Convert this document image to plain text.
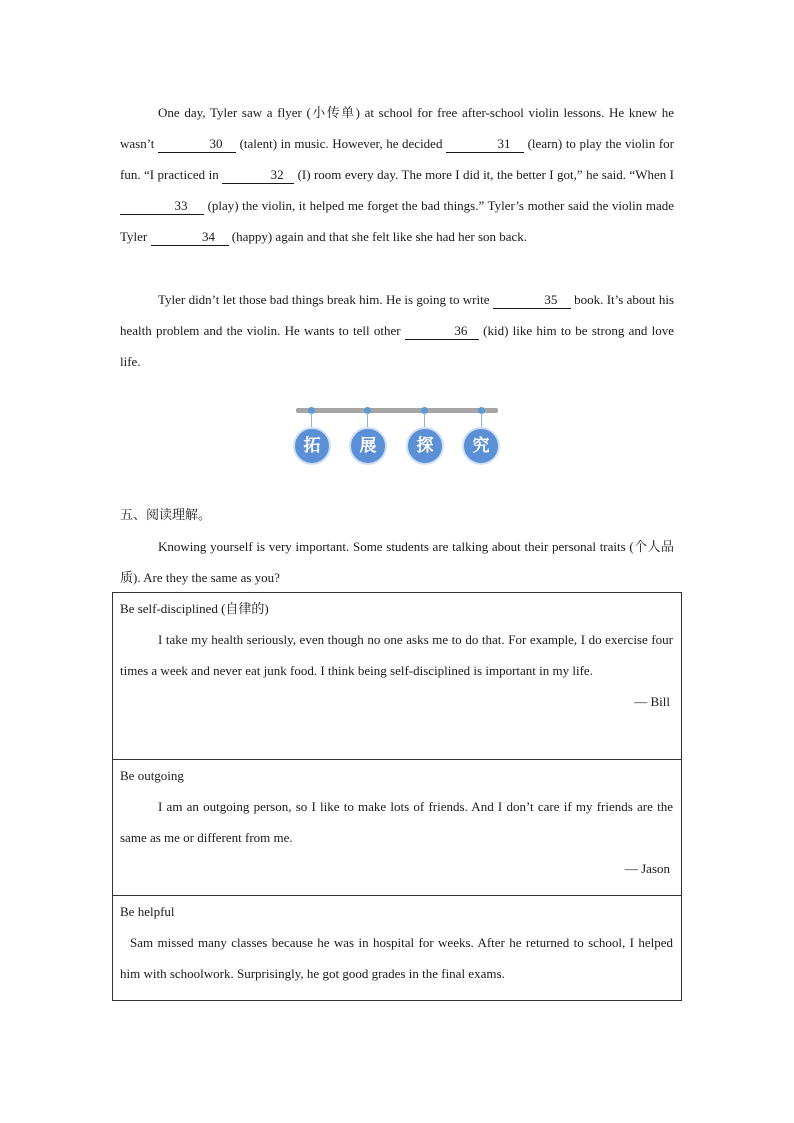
One day, Tyler saw a flyer (小传单) at school for free after-school violin lessons. He knew he wasn’t	30 (talent) in music. However, he decided	31 (learn) to play the violin for fun. “I practiced in	32 (I) room every day. The more I did it, the better I got,” he said. “When I 33 (play) the violin, it helped me forget the bad things.” Tyler’s mother said the violin made Tyler	34 (happy) again and that she felt like she had her son back.

Tyler didn’t let those bad things break him. He is going to write	35 book. It’s about his health problem and the violin. He wants to tell other	36 (kid) like him to be strong and love life.

拓	展	探	究

五、阅读理解。

Knowing yourself is very important. Some students are talking about their personal traits (个人品质). Are they the same as you?

Be self-disciplined (自律的)

I take my health seriously, even though no one asks me to do that. For example, I do exercise four times a week and never eat junk food. I think being self-disciplined is important in my life.

— Bill

Be outgoing

I am an outgoing person, so I like to make lots of friends. And I don’t care if my friends are the same as me or different from me.

— Jason

Be helpful

Sam missed many classes because he was in hospital for weeks. After he returned to school, I helped him with schoolwork. Surprisingly, he got good grades in the final exams.
